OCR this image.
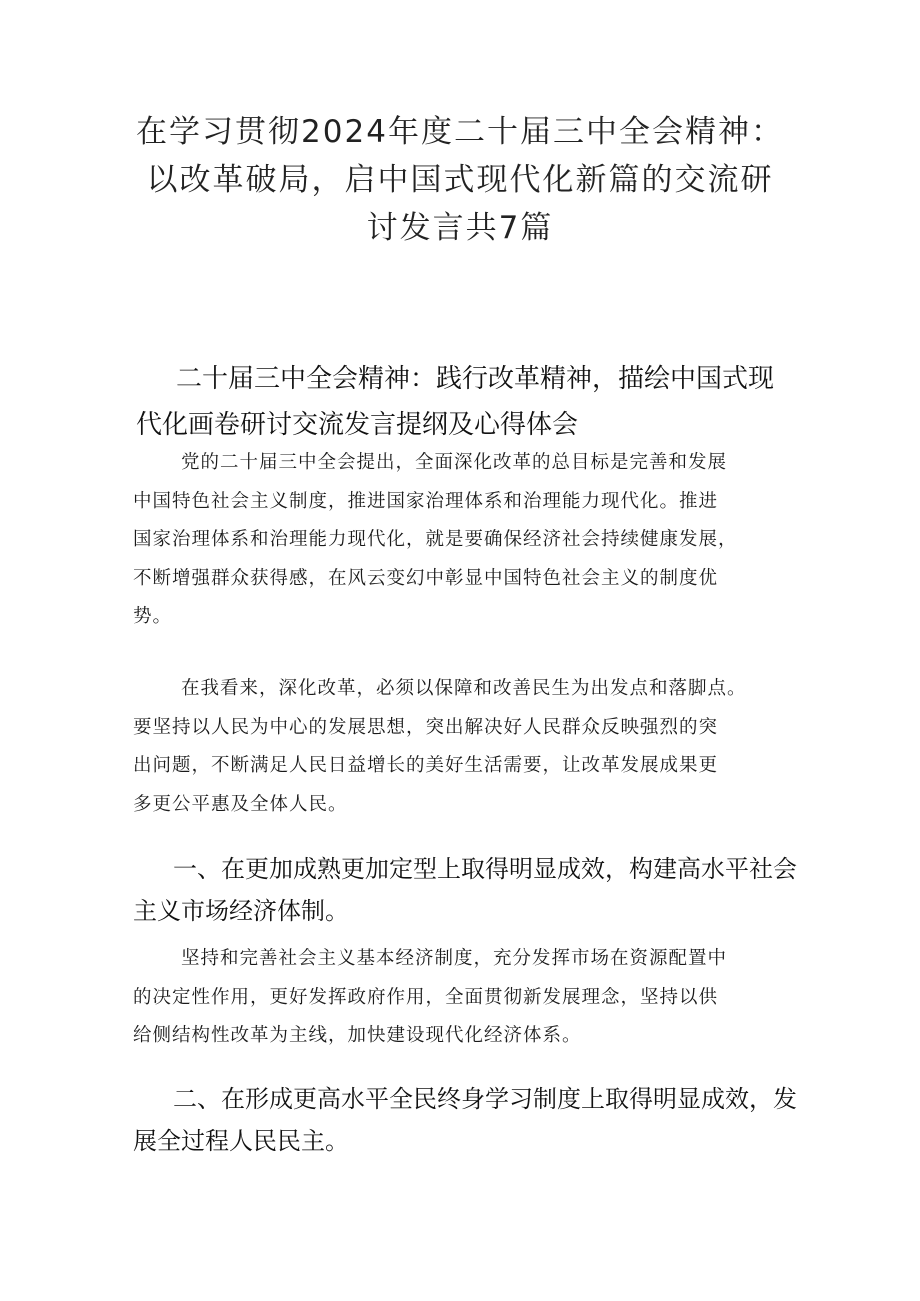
在学习贯彻2024年度二十届三中全会精神：
以改革破局，启中国式现代化新篇的交流研
讨发言共7篇
二十届三中全会精神：践行改革精神，描绘中国式现
代化画卷研讨交流发言提纲及心得体会

党的二十届三中全会提出，全面深化改革的总目标是完善和发展
中国特色社会主义制度，推进国家治理体系和治理能力现代化。推进
国家治理体系和治理能力现代化，就是要确保经济社会持续健康发展，
不断增强群众获得感，在风云变幻中彰显中国特色社会主义的制度优
势。

在我看来，深化改革，必须以保障和改善民生为出发点和落脚点。
要坚持以人民为中心的发展思想，突出解决好人民群众反映强烈的突
出问题，不断满足人民日益增长的美好生活需要，让改革发展成果更
多更公平惠及全体人民。

一、在更加成熟更加定型上取得明显成效，构建高水平社会
主义市场经济体制。

坚持和完善社会主义基本经济制度，充分发挥市场在资源配置中
的决定性作用，更好发挥政府作用，全面贯彻新发展理念，坚持以供
给侧结构性改革为主线，加快建设现代化经济体系。

二、在形成更高水平全民终身学习制度上取得明显成效，发
展全过程人民民主。
